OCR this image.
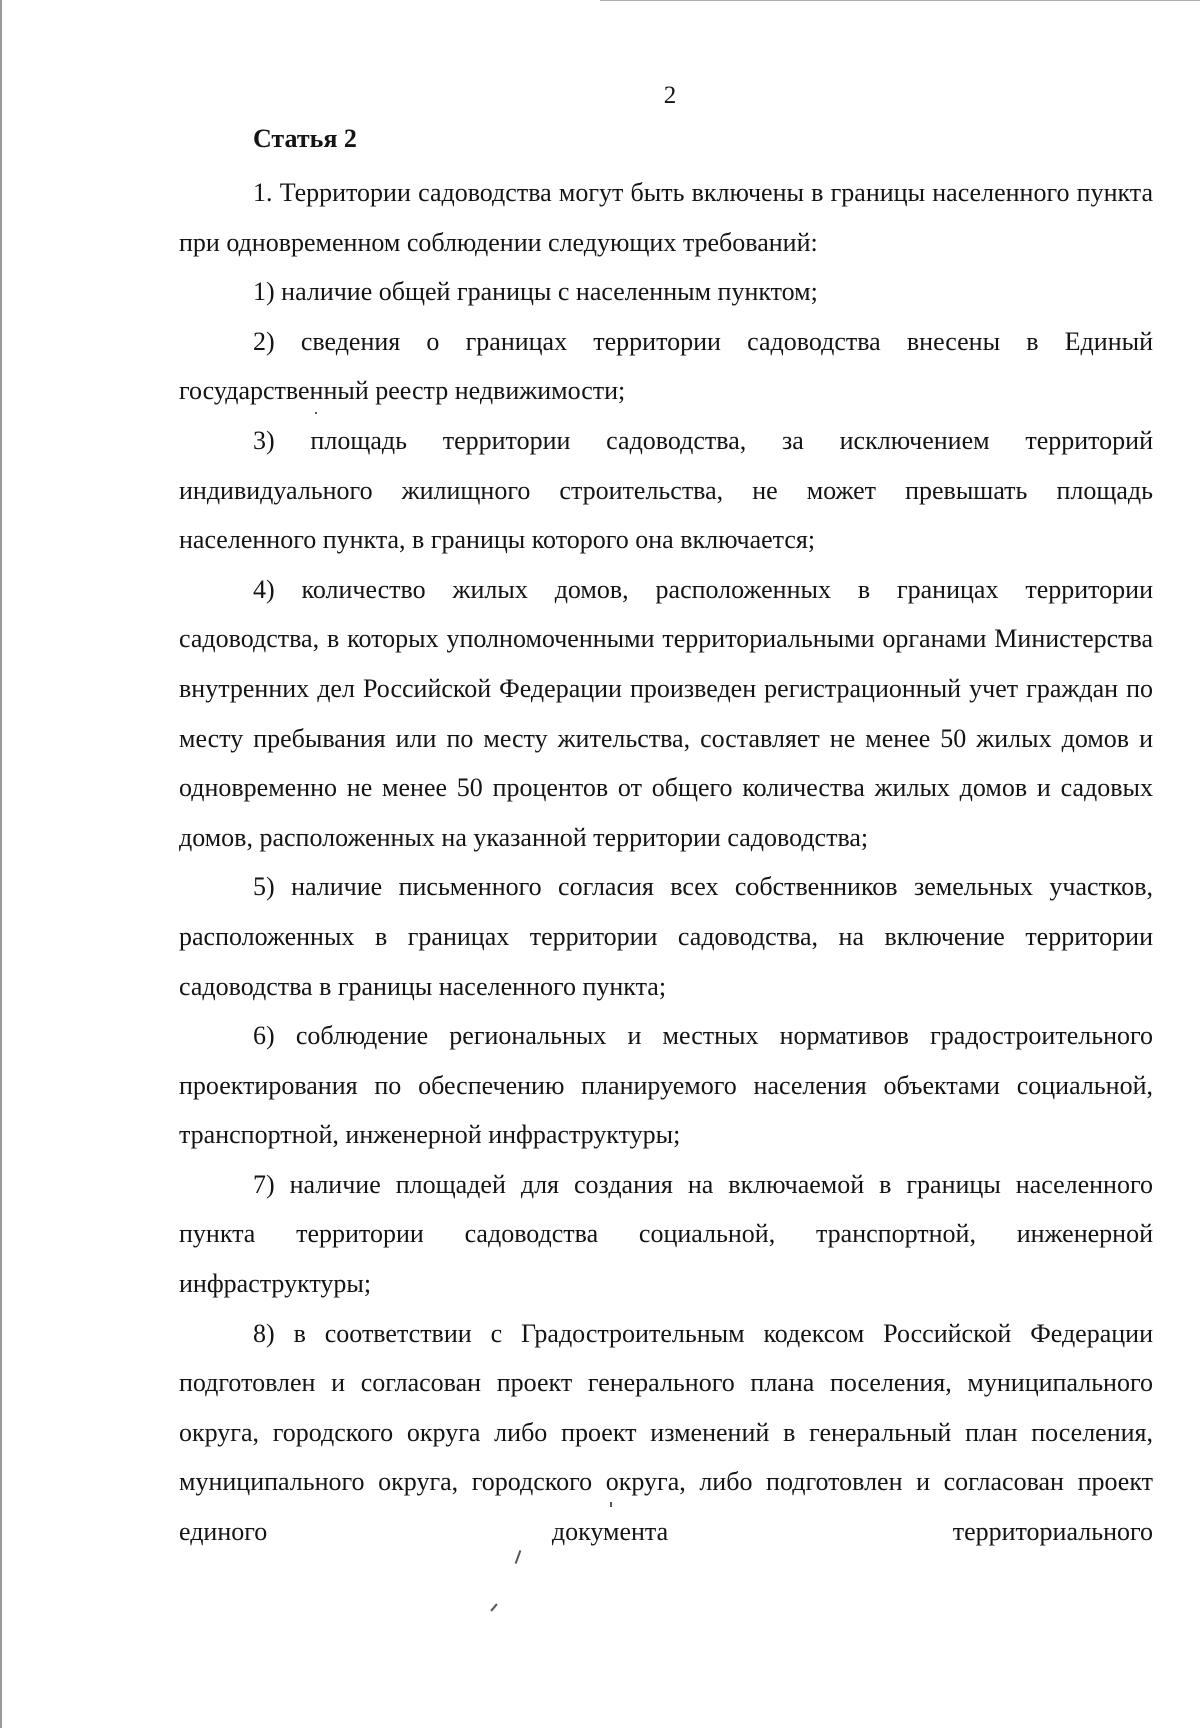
2
Статья 2

1. Территории садоводства могут быть включены в границы населенного пункта при одновременном соблюдении следующих требований:

1) наличие общей границы с населенным пунктом;

2) сведения о границах территории садоводства внесены в Единый государственный реестр недвижимости;

3) площадь территории садоводства, за исключением территорий индивидуального жилищного строительства, не может превышать площадь населенного пункта, в границы которого она включается;

4) количество жилых домов, расположенных в границах территории садоводства, в которых уполномоченными территориальными органами Министерства внутренних дел Российской Федерации произведен регистрационный учет граждан по месту пребывания или по месту жительства, составляет не менее 50 жилых домов и одновременно не менее 50 процентов от общего количества жилых домов и садовых домов, расположенных на указанной территории садоводства;

5) наличие письменного согласия всех собственников земельных участков, расположенных в границах территории садоводства, на включение территории садоводства в границы населенного пункта;

6) соблюдение региональных и местных нормативов градостроительного проектирования по обеспечению планируемого населения объектами социальной, транспортной, инженерной инфраструктуры;

7) наличие площадей для создания на включаемой в границы населенного пункта территории садоводства социальной, транспортной, инженерной инфраструктуры;

8) в соответствии с Градостроительным кодексом Российской Федерации подготовлен и согласован проект генерального плана поселения, муниципального округа, городского округа либо проект изменений в генеральный план поселения, муниципального округа, городского округа, либо подготовлен и согласован проект единого документа территориального
